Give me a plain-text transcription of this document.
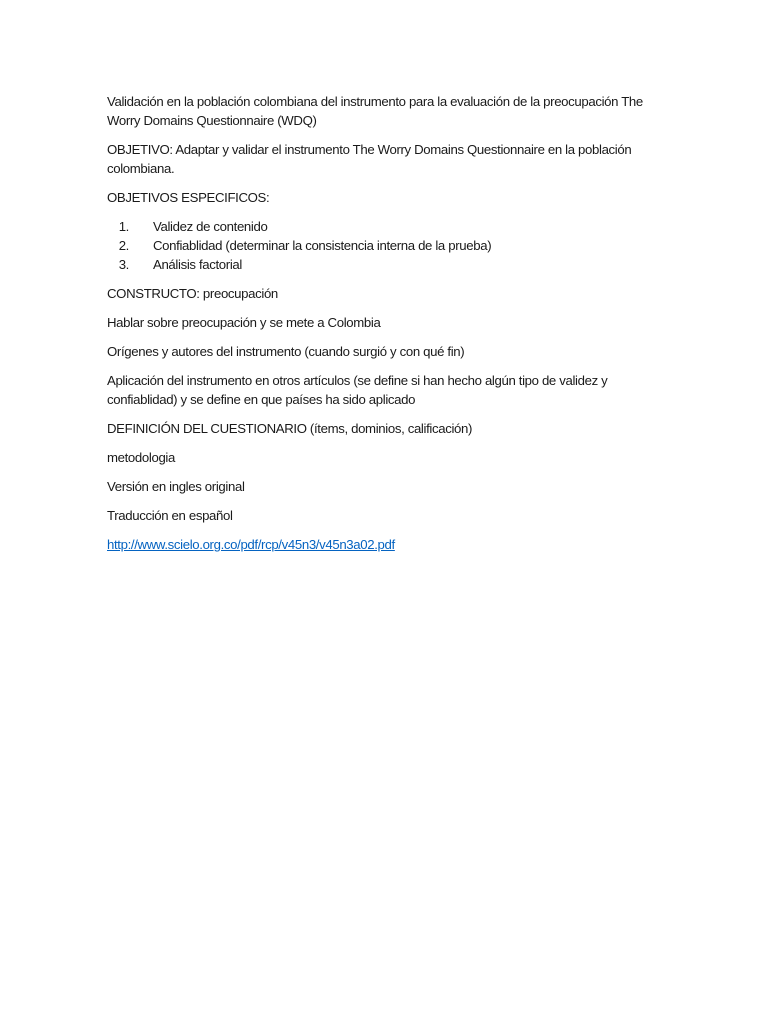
Validación en la población colombiana del instrumento para la evaluación de la preocupación The Worry Domains Questionnaire (WDQ)

OBJETIVO: Adaptar y validar el instrumento The Worry Domains Questionnaire en la población colombiana.

OBJETIVOS ESPECIFICOS:

1.	Validez de contenido
2.	Confiablidad (determinar la consistencia interna de la prueba)
3.	Análisis factorial

CONSTRUCTO: preocupación

Hablar sobre preocupación y se mete a Colombia

Orígenes y autores del instrumento (cuando surgió y con qué fin)

Aplicación del instrumento en otros artículos (se define si han hecho algún tipo de validez y confiablidad) y se define en que países ha sido aplicado

DEFINICIÓN DEL CUESTIONARIO (ítems, dominios, calificación)

metodologia

Versión en ingles original

Traducción en español

http://www.scielo.org.co/pdf/rcp/v45n3/v45n3a02.pdf
